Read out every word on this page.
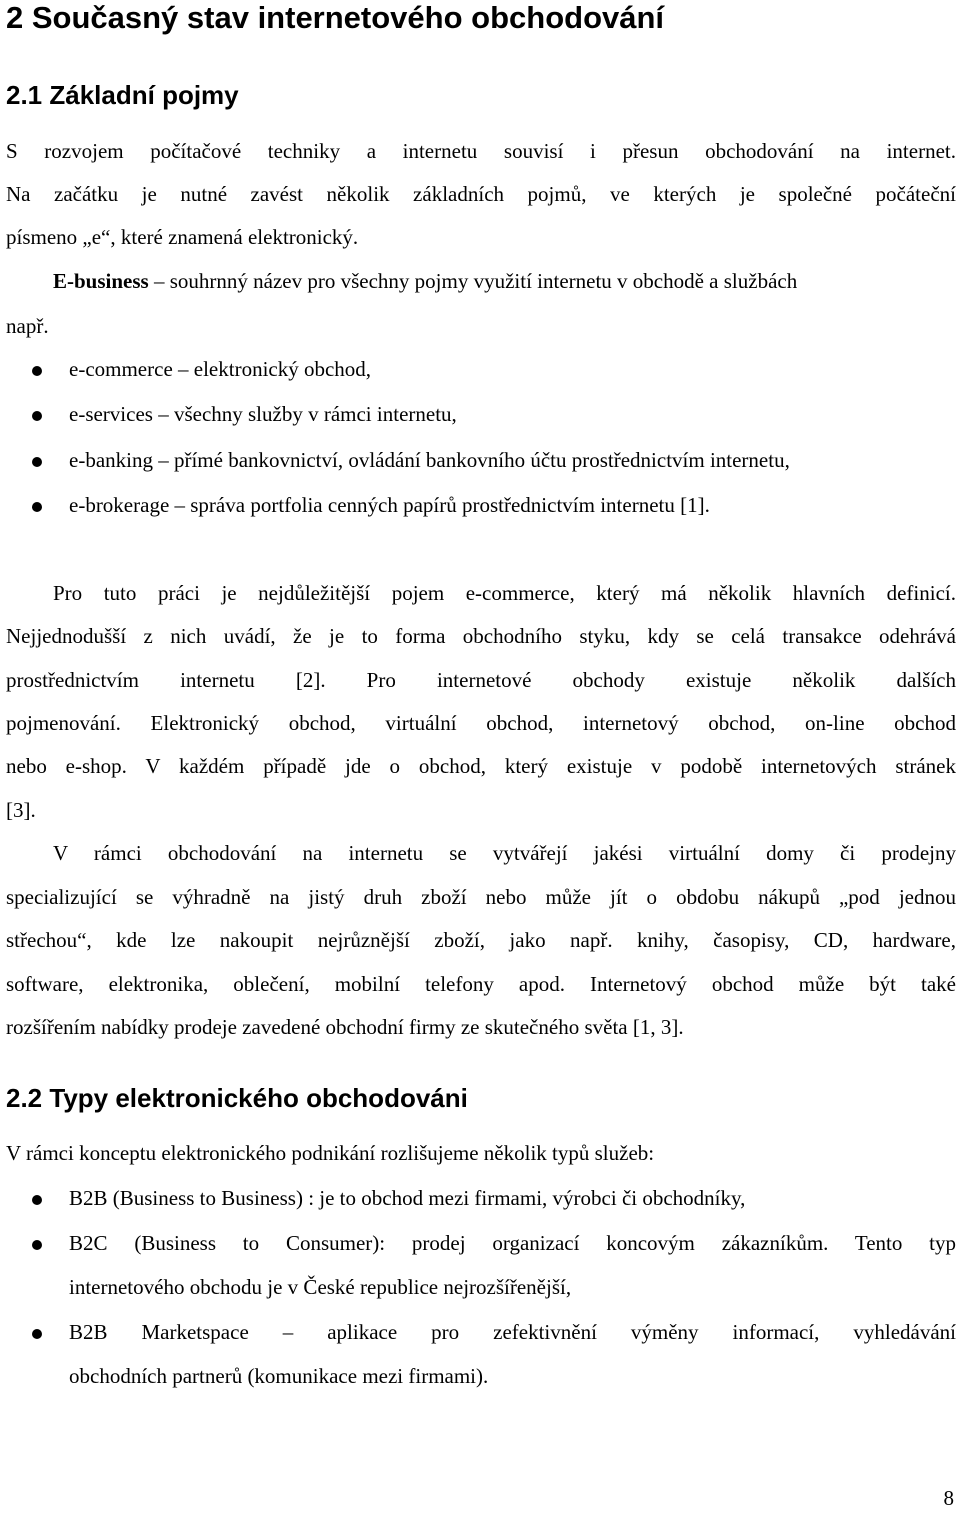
2 Současný stav internetového obchodování
2.1 Základní pojmy

S rozvojem počítačové techniky a internetu souvisí i přesun obchodování na internet.

Na začátku je nutné zavést několik základních pojmů, ve kterých je společné počáteční

písmeno „e“, které znamená elektronický.

E-business – souhrnný název pro všechny pojmy využití internetu v obchodě a službách

např.

e-commerce – elektronický obchod,
e-services – všechny služby v rámci internetu,
e-banking – přímé bankovnictví, ovládání bankovního účtu prostřednictvím internetu,
e-brokerage – správa portfolia cenných papírů prostřednictvím internetu [1].

Pro tuto práci je nejdůležitější pojem e-commerce, který má několik hlavních definicí.

Nejjednodušší z nich uvádí, že je to forma obchodního styku, kdy se celá transakce odehrává

prostřednictvím internetu [2]. Pro internetové obchody existuje několik dalších

pojmenování. Elektronický obchod, virtuální obchod, internetový obchod, on-line obchod

nebo e-shop. V každém případě jde o obchod, který existuje v podobě internetových stránek

[3].

V rámci obchodování na internetu se vytvářejí jakési virtuální domy či prodejny

specializující se výhradně na jistý druh zboží nebo může jít o obdobu nákupů „pod jednou

střechou“, kde lze nakoupit nejrůznější zboží, jako např. knihy, časopisy, CD, hardware,

software, elektronika, oblečení, mobilní telefony apod. Internetový obchod může být také

rozšířením nabídky prodeje zavedené obchodní firmy ze skutečného světa [1, 3].

2.2 Typy elektronického obchodováni

V rámci konceptu elektronického podnikání rozlišujeme několik typů služeb:

B2B (Business to Business) : je to obchod mezi firmami, výrobci či obchodníky,
B2C (Business to Consumer): prodej organizací koncovým zákazníkům. Tento typ
internetového obchodu je v České republice nejrozšířenější,
B2B Marketspace – aplikace pro zefektivnění výměny informací, vyhledávání
obchodních partnerů (komunikace mezi firmami).
8
